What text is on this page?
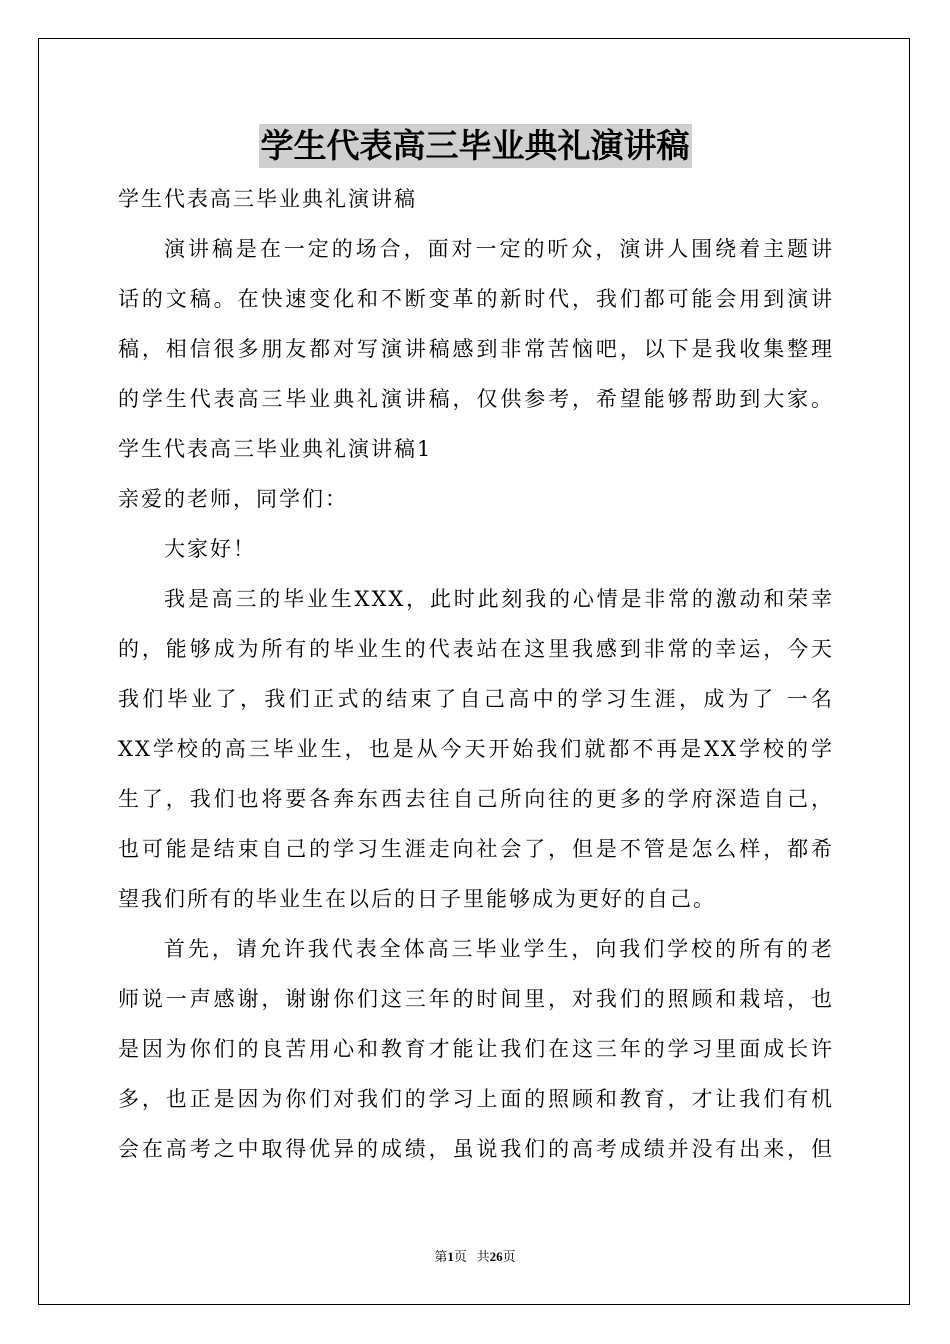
学生代表高三毕业典礼演讲稿
学生代表高三毕业典礼演讲稿
演讲稿是在一定的场合，面对一定的听众，演讲人围绕着主题讲
话的文稿。在快速变化和不断变革的新时代，我们都可能会用到演讲
稿，相信很多朋友都对写演讲稿感到非常苦恼吧，以下是我收集整理
的学生代表高三毕业典礼演讲稿，仅供参考，希望能够帮助到大家。
学生代表高三毕业典礼演讲稿1
亲爱的老师，同学们：
大家好！
我是高三的毕业生XXX，此时此刻我的心情是非常的激动和荣幸
的，能够成为所有的毕业生的代表站在这里我感到非常的幸运，今天
我们毕业了，我们正式的结束了自己高中的学习生涯，成为了 一名
XX学校的高三毕业生，也是从今天开始我们就都不再是XX学校的学
生了，我们也将要各奔东西去往自己所向往的更多的学府深造自己，
也可能是结束自己的学习生涯走向社会了，但是不管是怎么样，都希
望我们所有的毕业生在以后的日子里能够成为更好的自己。
首先，请允许我代表全体高三毕业学生，向我们学校的所有的老
师说一声感谢，谢谢你们这三年的时间里，对我们的照顾和栽培，也
是因为你们的良苦用心和教育才能让我们在这三年的学习里面成长许
多，也正是因为你们对我们的学习上面的照顾和教育，才让我们有机
会在高考之中取得优异的成绩，虽说我们的高考成绩并没有出来，但
第1页 共26页
